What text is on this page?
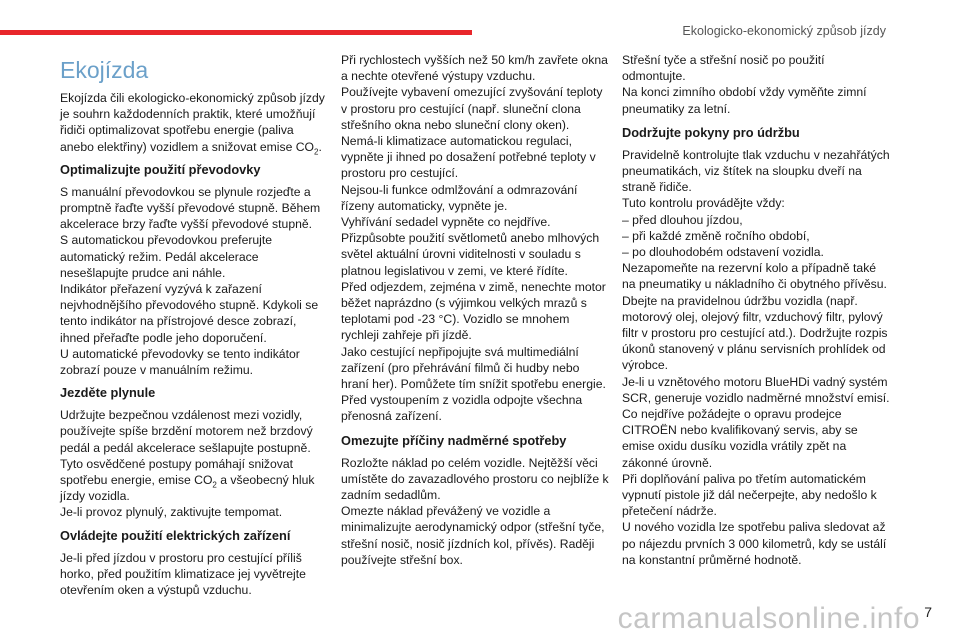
Ekologicko-ekonomický způsob jízdy
Ekojízda

Ekojízda čili ekologicko-ekonomický způsob jízdy je souhrn každodenních praktik, které umožňují řidiči optimalizovat spotřebu energie (paliva anebo elektřiny) vozidlem a snižovat emise $CO_2$.

Optimalizujte použití převodovky

S manuální převodovkou se plynule rozjeďte a promptně řaďte vyšší převodové stupně. Během akcelerace brzy řaďte vyšší převodové stupně.

S automatickou převodovkou preferujte automatický režim. Pedál akcelerace nesešlapujte prudce ani náhle.

Indikátor přeřazení vyzývá k zařazení nejvhodnějšího převodového stupně. Kdykoli se tento indikátor na přístrojové desce zobrazí, ihned přeřaďte podle jeho doporučení.

U automatické převodovky se tento indikátor zobrazí pouze v manuálním režimu.

Jezděte plynule

Udržujte bezpečnou vzdálenost mezi vozidly, používejte spíše brzdění motorem než brzdový pedál a pedál akcelerace sešlapujte postupně. Tyto osvědčené postupy pomáhají snižovat spotřebu energie, emise $CO_2$ a všeobecný hluk jízdy vozidla.

Je-li provoz plynulý, zaktivujte tempomat.

Ovládejte použití elektrických zařízení

Je-li před jízdou v prostoru pro cestující příliš horko, před použitím klimatizace jej vyvětrejte otevřením oken a výstupů vzduchu.

Při rychlostech vyšších než 50 km/h zavřete okna a nechte otevřené výstupy vzduchu.

Používejte vybavení omezující zvyšování teploty v prostoru pro cestující (např. sluneční clona střešního okna nebo sluneční clony oken).

Nemá-li klimatizace automatickou regulaci, vypněte ji ihned po dosažení potřebné teploty v prostoru pro cestující.

Nejsou-li funkce odmlžování a odmrazování řízeny automaticky, vypněte je.

Vyhřívání sedadel vypněte co nejdříve.

Přizpůsobte použití světlometů anebo mlhových světel aktuální úrovni viditelnosti v souladu s platnou legislativou v zemi, ve které řídíte.

Před odjezdem, zejména v zimě, nenechte motor běžet naprázdno (s výjimkou velkých mrazů s teplotami pod -23 °C). Vozidlo se mnohem rychleji zahřeje při jízdě.

Jako cestující nepřipojujte svá multimediální zařízení (pro přehrávání filmů či hudby nebo hraní her). Pomůžete tím snížit spotřebu energie.

Před vystoupením z vozidla odpojte všechna přenosná zařízení.

Omezujte příčiny nadměrné spotřeby

Rozložte náklad po celém vozidle. Nejtěžší věci umístěte do zavazadlového prostoru co nejblíže k zadním sedadlům.

Omezte náklad převážený ve vozidle a minimalizujte aerodynamický odpor (střešní tyče, střešní nosič, nosič jízdních kol, přívěs). Raději používejte střešní box.

Střešní tyče a střešní nosič po použití odmontujte.

Na konci zimního období vždy vyměňte zimní pneumatiky za letní.

Dodržujte pokyny pro údržbu

Pravidelně kontrolujte tlak vzduchu v nezahřátých pneumatikách, viz štítek na sloupku dveří na straně řidiče.

Tuto kontrolu provádějte vždy:

– před dlouhou jízdou,

– při každé změně ročního období,

– po dlouhodobém odstavení vozidla.

Nezapomeňte na rezervní kolo a případně také na pneumatiky u nákladního či obytného přívěsu.

Dbejte na pravidelnou údržbu vozidla (např. motorový olej, olejový filtr, vzduchový filtr, pylový filtr v prostoru pro cestující atd.). Dodržujte rozpis úkonů stanovený v plánu servisních prohlídek od výrobce.

Je-li u vznětového motoru BlueHDi vadný systém SCR, generuje vozidlo nadměrné množství emisí. Co nejdříve požádejte o opravu prodejce CITROËN nebo kvalifikovaný servis, aby se emise oxidu dusíku vozidla vrátily zpět na zákonné úrovně.

Při doplňování paliva po třetím automatickém vypnutí pistole již dál nečerpejte, aby nedošlo k přetečení nádrže.

U nového vozidla lze spotřebu paliva sledovat až po nájezdu prvních 3 000 kilometrů, kdy se ustálí na konstantní průměrné hodnotě.

carmanualsonline.info 7
